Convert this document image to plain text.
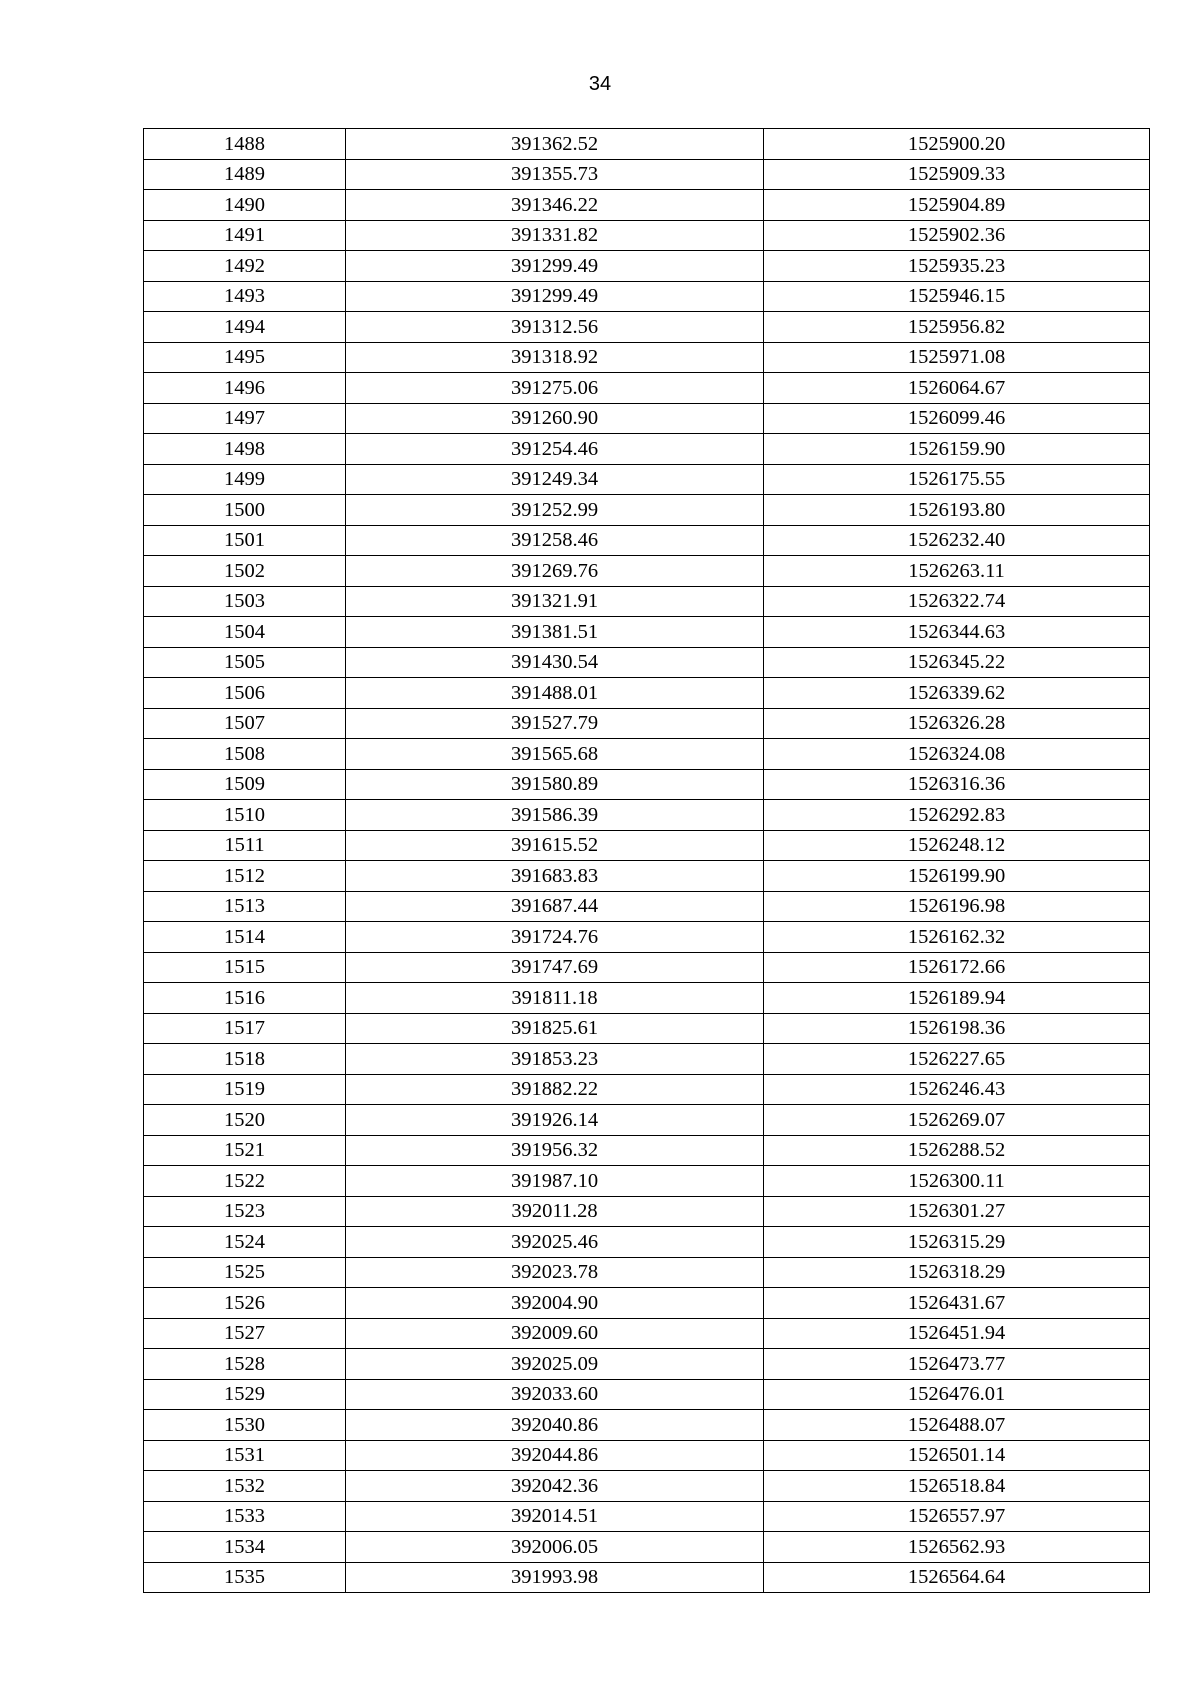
34
1488	391362.52	1525900.20
1489	391355.73	1525909.33
1490	391346.22	1525904.89
1491	391331.82	1525902.36
1492	391299.49	1525935.23
1493	391299.49	1525946.15
1494	391312.56	1525956.82
1495	391318.92	1525971.08
1496	391275.06	1526064.67
1497	391260.90	1526099.46
1498	391254.46	1526159.90
1499	391249.34	1526175.55
1500	391252.99	1526193.80
1501	391258.46	1526232.40
1502	391269.76	1526263.11
1503	391321.91	1526322.74
1504	391381.51	1526344.63
1505	391430.54	1526345.22
1506	391488.01	1526339.62
1507	391527.79	1526326.28
1508	391565.68	1526324.08
1509	391580.89	1526316.36
1510	391586.39	1526292.83
1511	391615.52	1526248.12
1512	391683.83	1526199.90
1513	391687.44	1526196.98
1514	391724.76	1526162.32
1515	391747.69	1526172.66
1516	391811.18	1526189.94
1517	391825.61	1526198.36
1518	391853.23	1526227.65
1519	391882.22	1526246.43
1520	391926.14	1526269.07
1521	391956.32	1526288.52
1522	391987.10	1526300.11
1523	392011.28	1526301.27
1524	392025.46	1526315.29
1525	392023.78	1526318.29
1526	392004.90	1526431.67
1527	392009.60	1526451.94
1528	392025.09	1526473.77
1529	392033.60	1526476.01
1530	392040.86	1526488.07
1531	392044.86	1526501.14
1532	392042.36	1526518.84
1533	392014.51	1526557.97
1534	392006.05	1526562.93
1535	391993.98	1526564.64
